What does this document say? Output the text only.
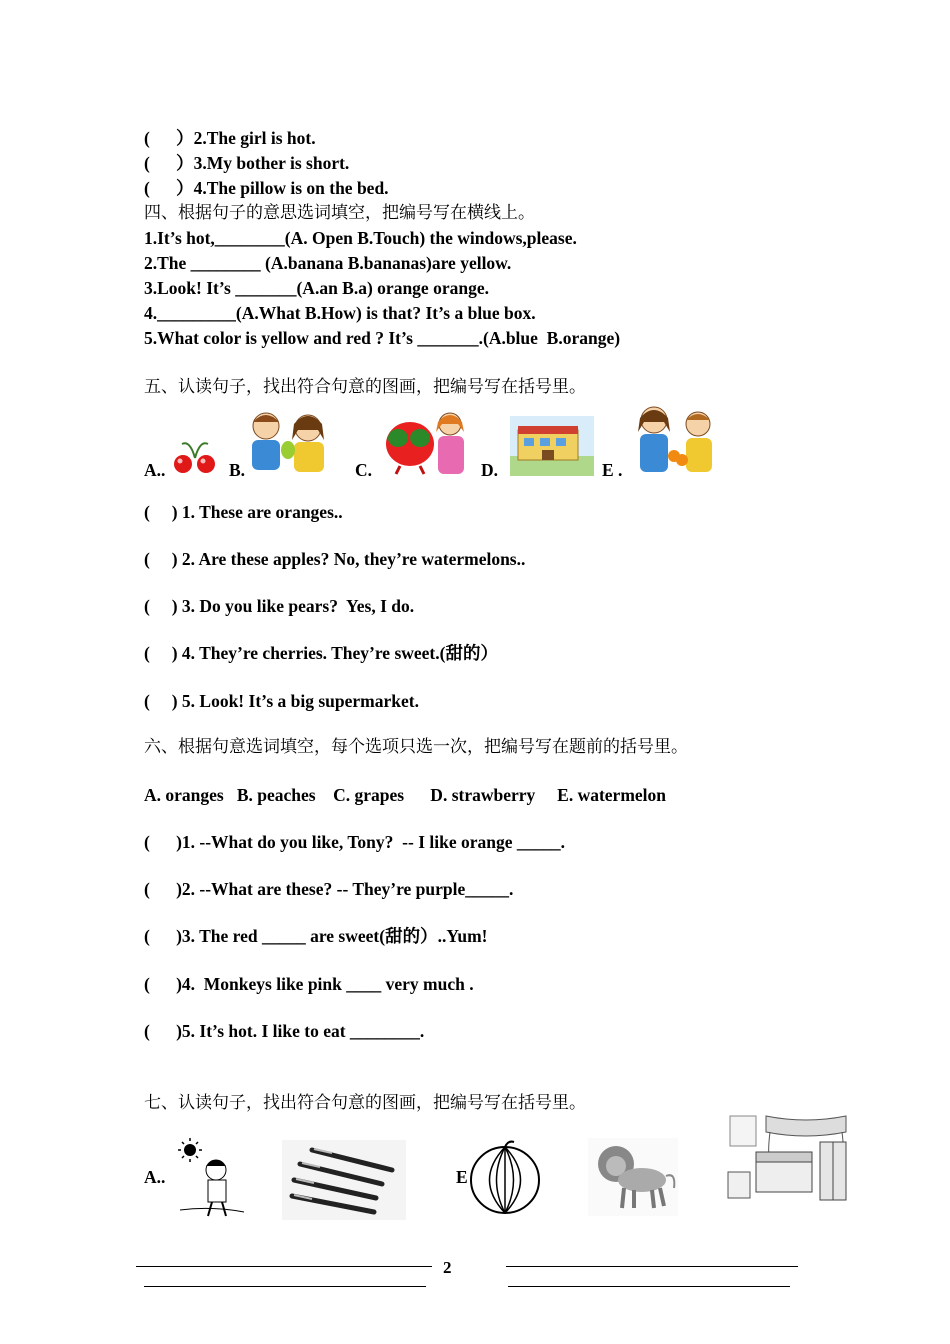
(      ）2.The girl is hot.
(      ）3.My bother is short.
(      ）4.The pillow is on the bed.
四、根据句子的意思选词填空，把编号写在横线上。
1.It’s hot,________(A. Open B.Touch) the windows,please.
2.The ________ (A.banana B.bananas)are yellow.
3.Look! It’s _______(A.an B.a) orange orange.
4._________(A.What B.How) is that? It’s a blue box.
5.What color is yellow and red ? It’s _______.(A.blue  B.orange)
五、认读句子，找出符合句意的图画，把编号写在括号里。
A..	B.	C.	D.	E .
(     ) 1. These are oranges..
(     ) 2. Are these apples? No, they’re watermelons..
(     ) 3. Do you like pears?  Yes, I do.
(     ) 4. They’re cherries. They’re sweet.(甜的）
(     ) 5. Look! It’s a big supermarket.
六、根据句意选词填空，每个选项只选一次，把编号写在题前的括号里。
A. oranges   B. peaches    C. grapes      D. strawberry     E. watermelon
(      )1. --What do you like, Tony?  -- I like orange _____.
(      )2. --What are these? -- They’re purple_____.
(      )3. The red _____ are sweet(甜的）..Yum!
(      )4.  Monkeys like pink ____ very much .
(      )5. It’s hot. I like to eat ________.
七、认读句子，找出符合句意的图画，把编号写在括号里。
A..	E
2
